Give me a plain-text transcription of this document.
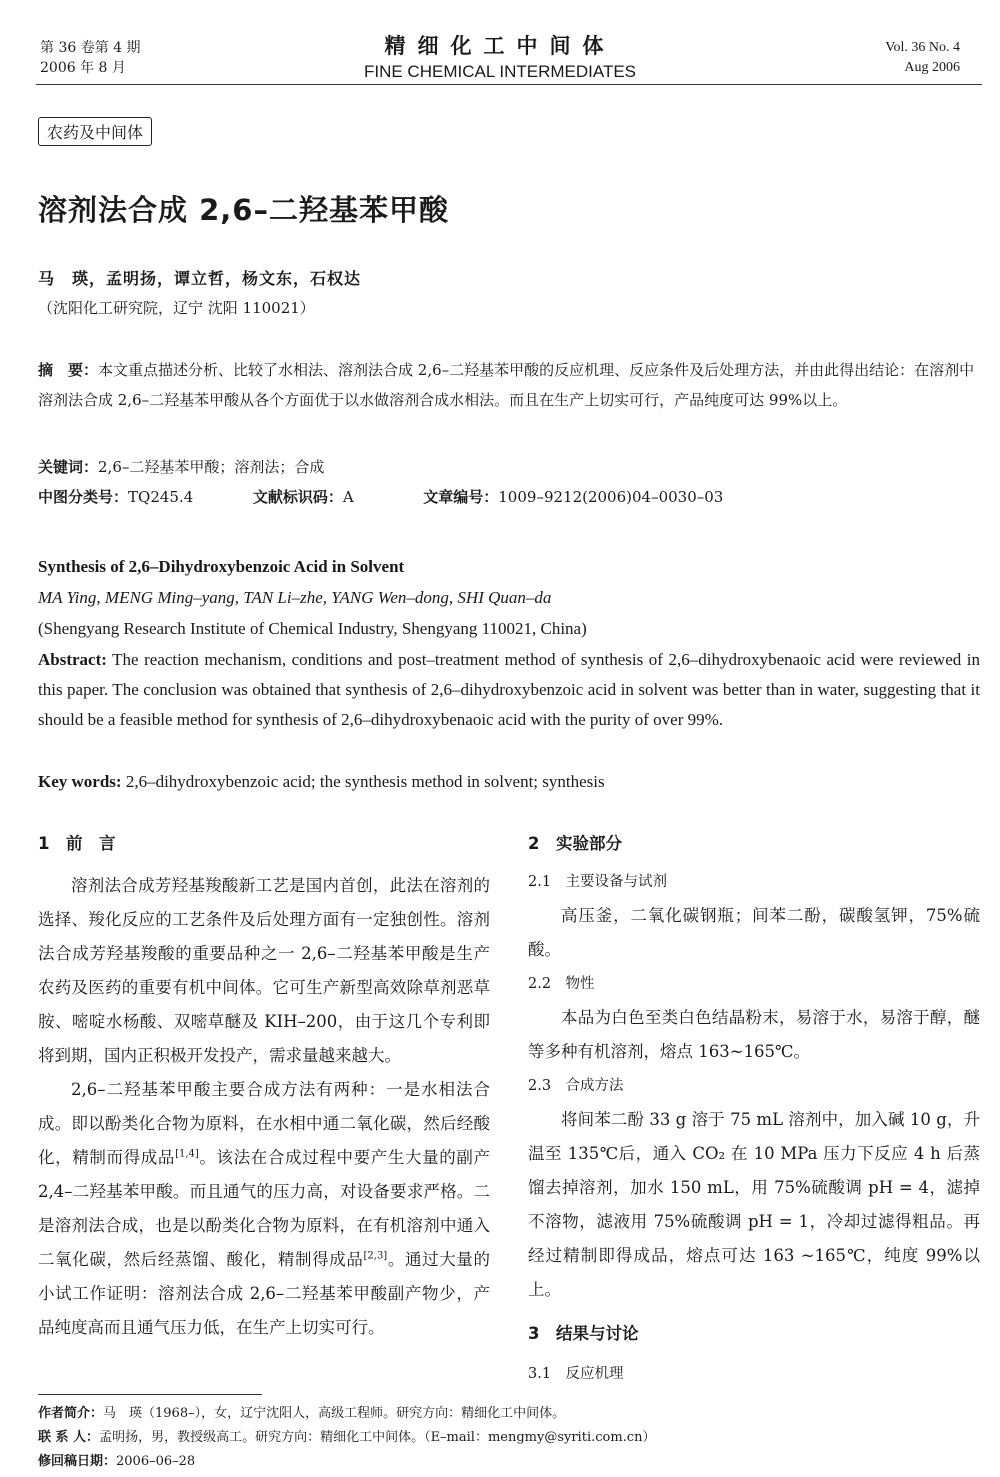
第 36 卷第 4 期
2006 年 8 月
精细化工中间体
FINE CHEMICAL INTERMEDIATES
Vol. 36 No. 4
Aug 2006
农药及中间体
溶剂法合成 2,6–二羟基苯甲酸
马　瑛，孟明扬，谭立哲，杨文东，石权达
（沈阳化工研究院，辽宁 沈阳 110021）
摘　要：本文重点描述分析、比较了水相法、溶剂法合成 2,6–二羟基苯甲酸的反应机理、反应条件及后处理方法，并由此得出结论：在溶剂中溶剂法合成 2,6–二羟基苯甲酸从各个方面优于以水做溶剂合成水相法。而且在生产上切实可行，产品纯度可达 99%以上。
关键词：2,6–二羟基苯甲酸；溶剂法；合成
中图分类号：TQ245.4	文献标识码：A	文章编号：1009–9212(2006)04–0030–03
Synthesis of 2,6–Dihydroxybenzoic Acid in Solvent
MA Ying, MENG Ming–yang, TAN Li–zhe, YANG Wen–dong, SHI Quan–da
(Shengyang Research Institute of Chemical Industry, Shengyang 110021, China)
Abstract: The reaction mechanism, conditions and post–treatment method of synthesis of 2,6–dihydroxybenaoic acid were reviewed in this paper. The conclusion was obtained that synthesis of 2,6–dihydroxybenzoic acid in solvent was better than in water, suggesting that it should be a feasible method for synthesis of 2,6–dihydroxybenaoic acid with the purity of over 99%.
Key words: 2,6–dihydroxybenzoic acid; the synthesis method in solvent; synthesis
1　前　言

溶剂法合成芳羟基羧酸新工艺是国内首创，此法在溶剂的选择、羧化反应的工艺条件及后处理方面有一定独创性。溶剂法合成芳羟基羧酸的重要品种之一 2,6–二羟基苯甲酸是生产农药及医药的重要有机中间体。它可生产新型高效除草剂恶草胺、嘧啶水杨酸、双嘧草醚及 KIH–200，由于这几个专利即将到期，国内正积极开发投产，需求量越来越大。

2,6–二羟基苯甲酸主要合成方法有两种：一是水相法合成。即以酚类化合物为原料，在水相中通二氧化碳，然后经酸化，精制而得成品[1,4]。该法在合成过程中要产生大量的副产 2,4–二羟基苯甲酸。而且通气的压力高，对设备要求严格。二是溶剂法合成，也是以酚类化合物为原料，在有机溶剂中通入二氧化碳，然后经蒸馏、酸化，精制得成品[2,3]。通过大量的小试工作证明：溶剂法合成 2,6–二羟基苯甲酸副产物少，产品纯度高而且通气压力低，在生产上切实可行。

2　实验部分
2.1　主要设备与试剂

高压釜，二氧化碳钢瓶；间苯二酚，碳酸氢钾，75%硫酸。

2.2　物性

本品为白色至类白色结晶粉末，易溶于水，易溶于醇，醚等多种有机溶剂，熔点 163~165℃。

2.3　合成方法

将间苯二酚 33 g 溶于 75 mL 溶剂中，加入碱 10 g，升温至 135℃后，通入 CO₂ 在 10 MPa 压力下反应 4 h 后蒸馏去掉溶剂，加水 150 mL，用 75%硫酸调 pH = 4，滤掉不溶物，滤液用 75%硫酸调 pH = 1，冷却过滤得粗品。再经过精制即得成品，熔点可达 163 ~165℃，纯度 99%以上。

3　结果与讨论
3.1　反应机理
作者简介：马　瑛（1968–），女，辽宁沈阳人，高级工程师。研究方向：精细化工中间体。
联 系 人：孟明扬，男，教授级高工。研究方向：精细化工中间体。（E–mail：mengmy@syriti.com.cn）
修回稿日期：2006–06–28
